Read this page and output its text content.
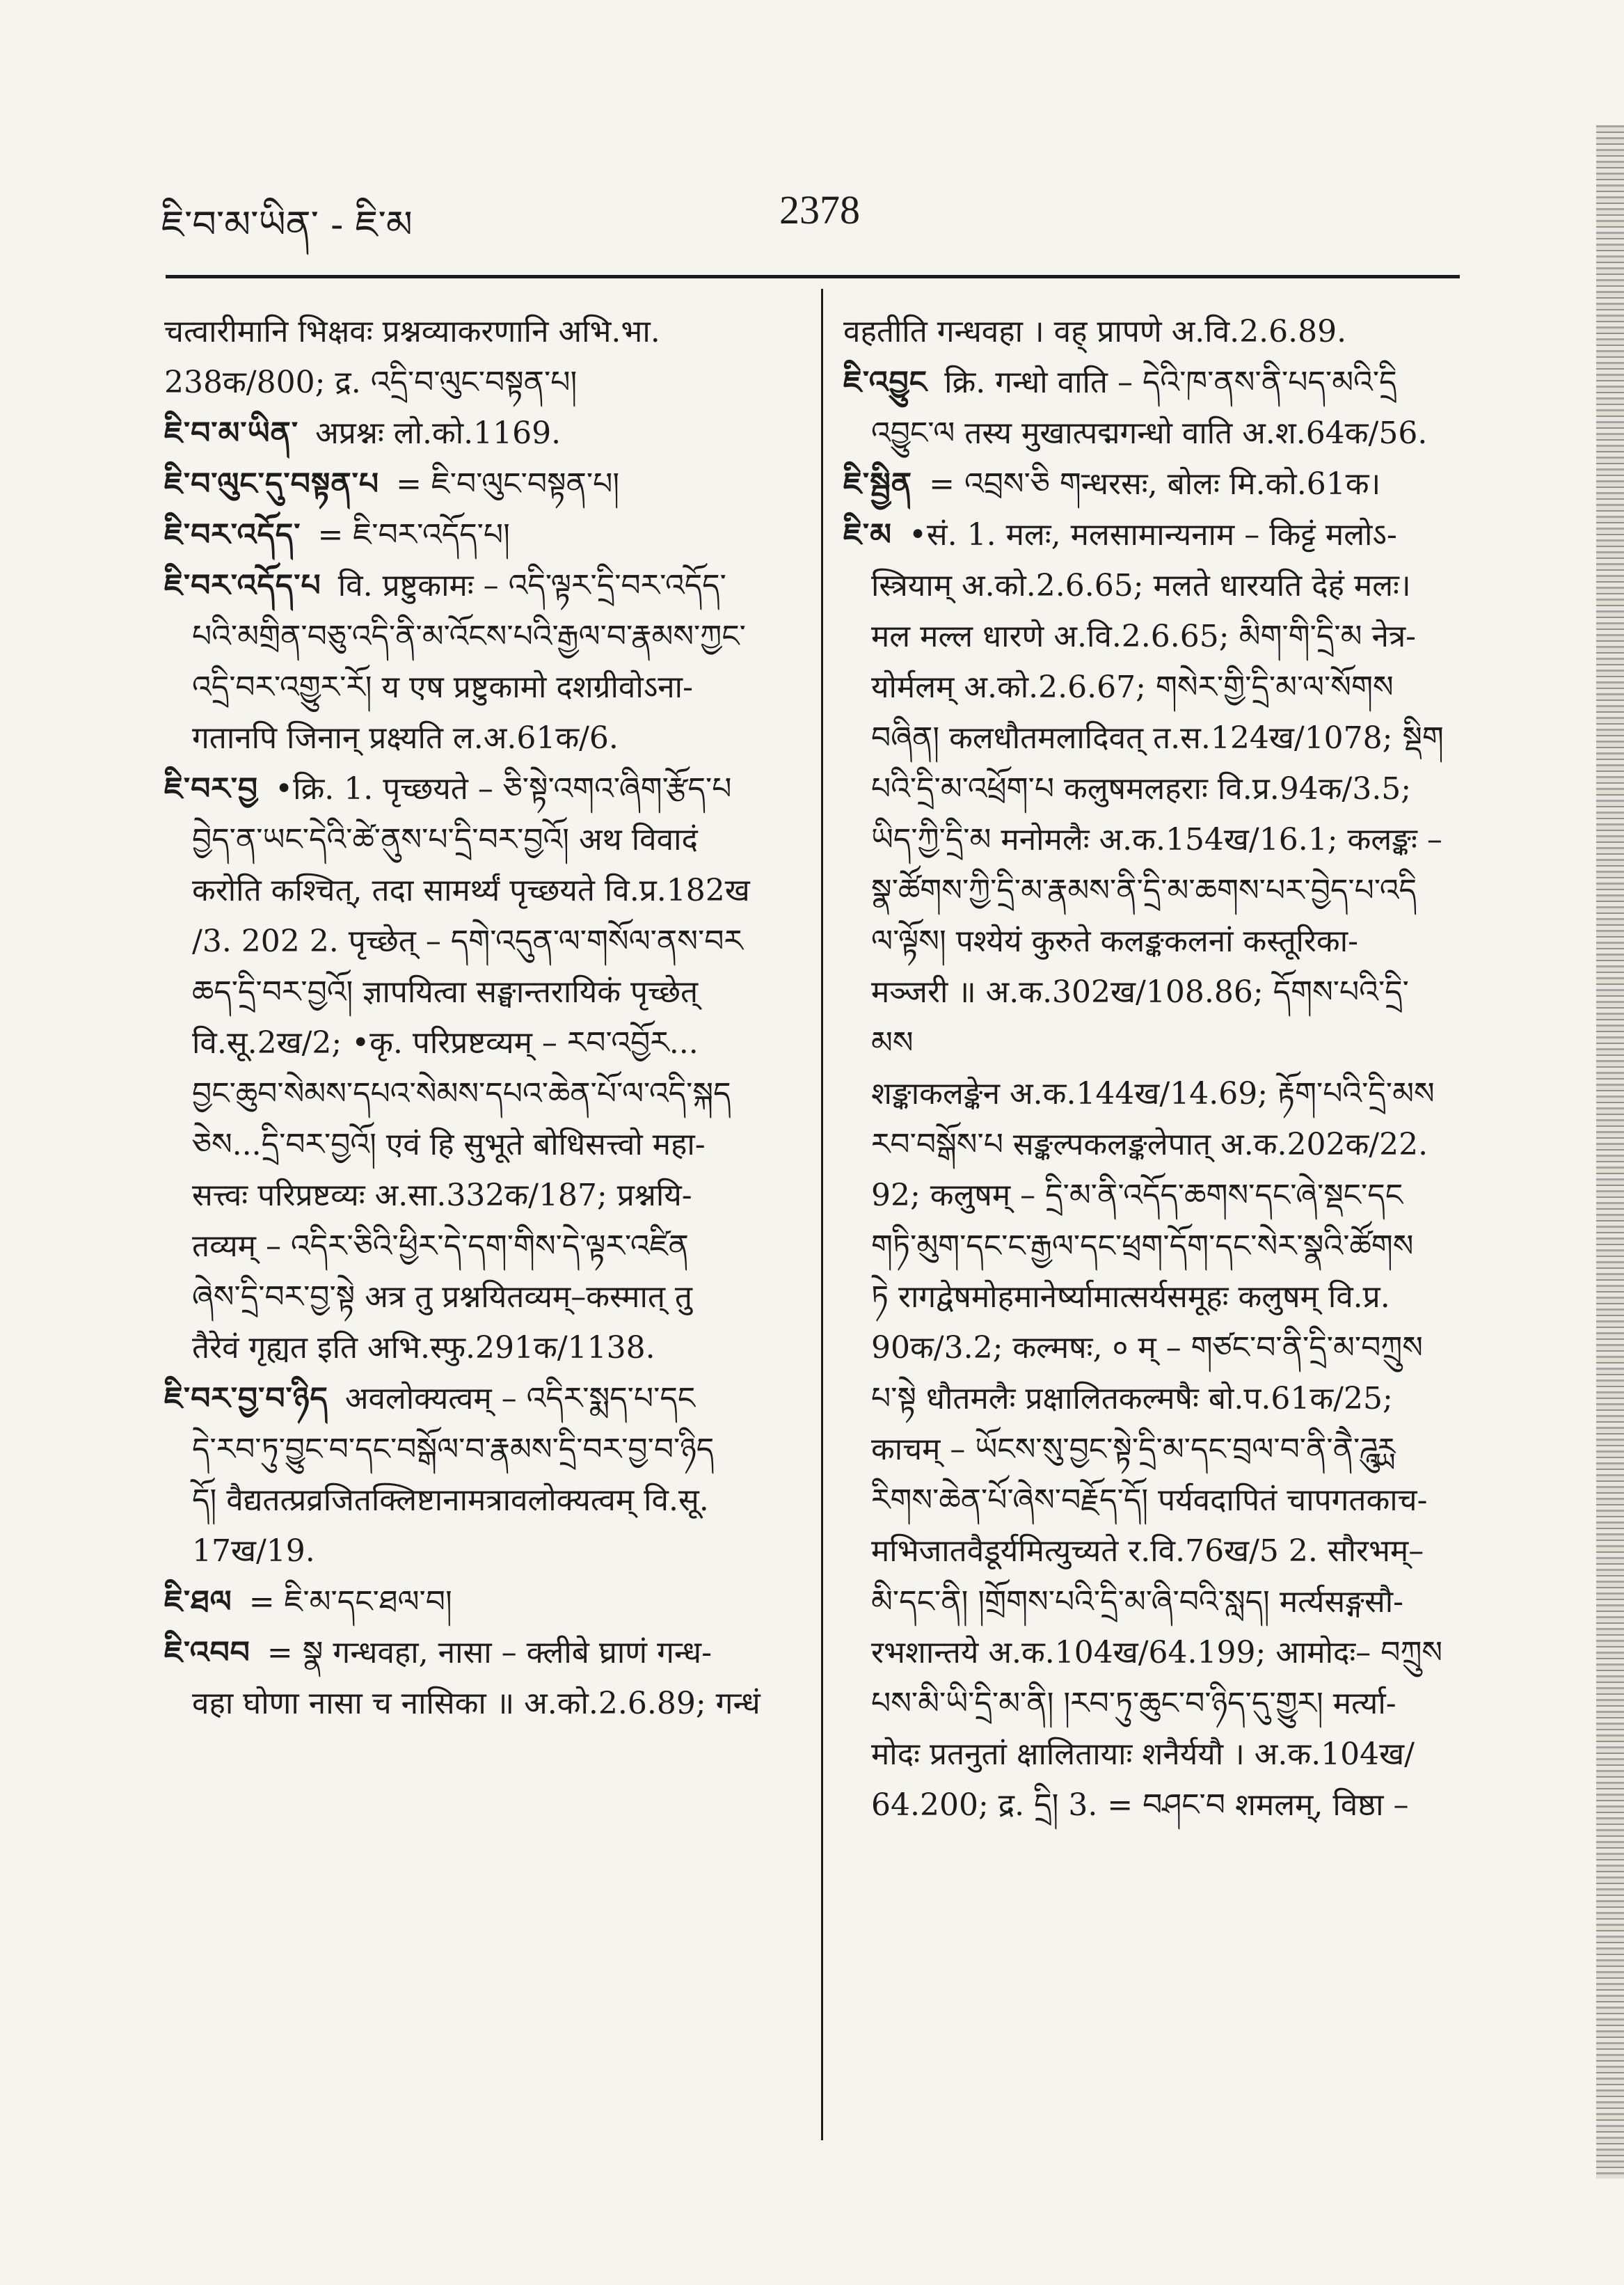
ཇི་བ་མ་ཡིན་ - ཇི་མ	2378
चत्वारीमानि भिक्षवः प्रश्नव्याकरणानि अभि.भा.
238क/800; द्र. འདྲི་བ་ལུང་བསྟན་པ།
ཇི་བ་མ་ཡིན་ अप्रश्नः लो.को.1169.
ཇི་བ་ལུང་དུ་བསྟན་པ = ཇི་བ་ལུང་བསྟན་པ།
ཇི་བར་འདོད་ = ཇི་བར་འདོད་པ།
ཇི་བར་འདོད་པ वि. प्रष्टुकामः – འདི་ལྟར་དྲི་བར་འདོད་
པའི་མགྲིན་བཅུ་འདི་ནི་མ་འོངས་པའི་རྒྱལ་བ་རྣམས་ཀྱང་
འདྲི་བར་འགྱུར་རོ། य एष प्रष्टुकामो दशग्रीवोऽना-
गतानपि जिनान् प्रक्ष्यति ल.अ.61क/6.
ཇི་བར་བྱ •क्रि. 1. पृच्छयते – ཅི་སྟེ་འགའ་ཞིག་རྩོད་པ
བྱེད་ན་ཡང་དེའི་ཚེ་ནུས་པ་དྲི་བར་བྱའོ། अथ विवादं
करोति कश्चित्, तदा सामर्थ्यं पृच्छयते वि.प्र.182ख
/3. 202 2. पृच्छेत् – དགེ་འདུན་ལ་གསོལ་ནས་བར
ཆད་དྲི་བར་བྱའོ། ज्ञापयित्वा सङ्घान्तरायिकं पृच्छेत्
वि.सू.2ख/2; •कृ. परिप्रष्टव्यम् – རབ་འབྱོར...
བྱང་ཆུབ་སེམས་དཔའ་སེམས་དཔའ་ཆེན་པོ་ལ་འདི་སྐད
ཅེས...དྲི་བར་བྱའོ། एवं हि सुभूते बोधिसत्त्वो महा-
सत्त्वः परिप्रष्टव्यः अ.सा.332क/187; प्रश्नयि-
तव्यम् – འདིར་ཅིའི་ཕྱིར་དེ་དག་གིས་དེ་ལྟར་འཛིན
ཞེས་དྲི་བར་བྱ་སྟེ अत्र तु प्रश्नयितव्यम्–कस्मात् तु
तैरेवं गृह्यत इति अभि.स्फु.291क/1138.
ཇི་བར་བྱ་བ་ཉིད अवलोक्यत्वम् – འདིར་སྨད་པ་དང
དེ་རབ་ཏུ་བྱུང་བ་དང་བསྒོལ་བ་རྣམས་དྲི་བར་བྱ་བ་ཉིད
དོ། वैद्यतत्प्रव्रजितक्लिष्टानामत्रावलोक्यत्वम् वि.सू.
17ख/19.
ཇི་ཐལ = ཇི་མ་དང་ཐལ་བ།
ཇི་འབབ = སྣ गन्धवहा, नासा – क्लीबे घ्राणं गन्ध-
वहा घोणा नासा च नासिका ॥ अ.को.2.6.89; गन्धं
वहतीति गन्धवहा । वह् प्रापणे अ.वि.2.6.89.
ཇི་འབྱུང क्रि. गन्धो वाति – དེའི་ཁ་ནས་ནི་པད་མའི་དྲི
འབྱུང་ལ तस्य मुखात्पद्मगन्धो वाति अ.श.64क/56.
ཇི་སྦྱིན = འབྲས་ཅི གन्धरसः, बोलः मि.को.61क।
ཇི་མ •सं. 1. मलः, मलसामान्यनाम – किट्टं मलोऽ-
स्त्रियाम् अ.को.2.6.65; मलते धारयति देहं मलः।
मल मल्ल धारणे अ.वि.2.6.65; མིག་གི་དྲི་མ नेत्र-
योर्मलम् अ.को.2.6.67; གསེར་གྱི་དྲི་མ་ལ་སོགས
བཞིན། कलधौतमलादिवत् त.स.124ख/1078; སྡིག
པའི་དྲི་མ་འཕྲོག་པ कलुषमलहराः वि.प्र.94क/3.5;
ཡིད་ཀྱི་དྲི་མ मनोमलैः अ.क.154ख/16.1; कलङ्कः –
སྣ་ཚོགས་ཀྱི་དྲི་མ་རྣམས་ནི་དྲི་མ་ཆགས་པར་བྱེད་པ་འདི
ལ་ལྟོས། पश्येयं कुरुते कलङ्ककलनां कस्तूरिका-
मञ्जरी ॥ अ.क.302ख/108.86; དོགས་པའི་དྲི་མས
शङ्काकलङ्केन अ.क.144ख/14.69; རྟོག་པའི་དྲི་མས
རབ་བསྒོས་པ सङ्कल्पकलङ्कलेपात् अ.क.202क/22.
92; कलुषम् – དྲི་མ་ནི་འདོད་ཆགས་དང་ཞེ་སྡང་དང
གཏི་མུག་དང་ང་རྒྱལ་དང་ཕྲག་དོག་དང་སེར་སྣའི་ཚོགས
ཏེ रागद्वेषमोहमानेर्ष्यामात्सर्यसमूहः कलुषम् वि.प्र.
90क/3.2; कल्मषः, ० म् – གཙང་བ་ནི་དྲི་མ་བཀྲུས
པ་སྟེ धौतमलैः प्रक्षालितकल्मषैः बो.प.61क/25;
काचम् – ཡོངས་སུ་བྱང་སྟེ་དྲི་མ་དང་བྲལ་བ་ནི་ནཻ་ཌཱུཪྻ
རིགས་ཆེན་པོ་ཞེས་བརྗོད་དོ། पर्यवदापितं चापगतकाच-
मभिजातवैडूर्यमित्युच्यते र.वि.76ख/5 2. सौरभम्–
མི་དང་ནི། །གྲོགས་པའི་དྲི་མ་ཞི་བའི་སླད། मर्त्यसङ्गसौ-
रभशान्तये अ.क.104ख/64.199; आमोदः– བཀྲུས
པས་མི་ཡི་དྲི་མ་ནི། །རབ་ཏུ་ཆུང་བ་ཉིད་དུ་གྱུར། मर्त्या-
मोदः प्रतनुतां क्षालितायाः शनैर्ययौ । अ.क.104ख/
64.200; द्र. དྲི། 3. = བཤང་བ शमलम्, विष्ठा –
